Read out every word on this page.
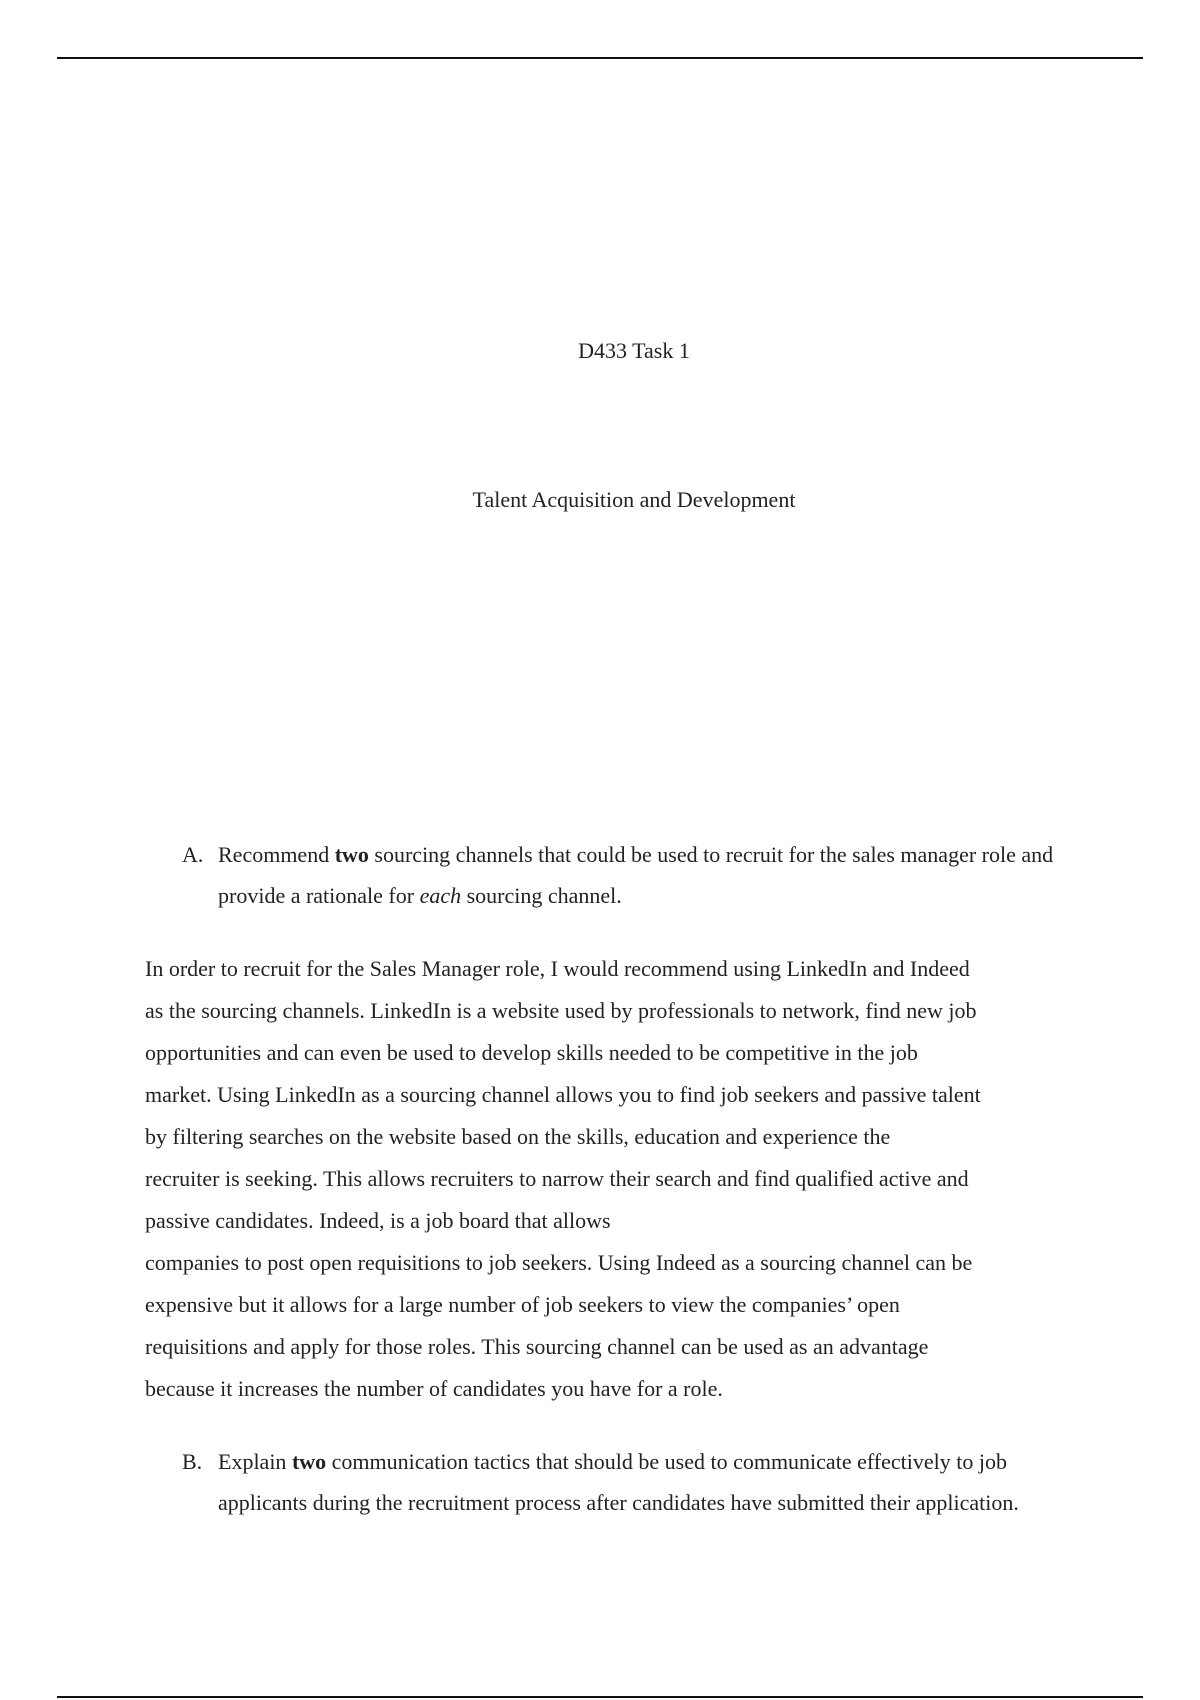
D433 Task 1
Talent Acquisition and Development
A. Recommend two sourcing channels that could be used to recruit for the sales manager role and provide a rationale for each sourcing channel.
In order to recruit for the Sales Manager role, I would recommend using LinkedIn and Indeed
as the sourcing channels. LinkedIn is a website used by professionals to network, find new job
opportunities and can even be used to develop skills needed to be competitive in the job
market. Using LinkedIn as a sourcing channel allows you to find job seekers and passive talent
by filtering searches on the website based on the skills, education and experience the
recruiter is seeking. This allows recruiters to narrow their search and find qualified active and
passive candidates. Indeed, is a job board that allows
companies to post open requisitions to job seekers. Using Indeed as a sourcing channel can be
expensive but it allows for a large number of job seekers to view the companies’ open
requisitions and apply for those roles. This sourcing channel can be used as an advantage
because it increases the number of candidates you have for a role.
B. Explain two communication tactics that should be used to communicate effectively to job applicants during the recruitment process after candidates have submitted their application.
